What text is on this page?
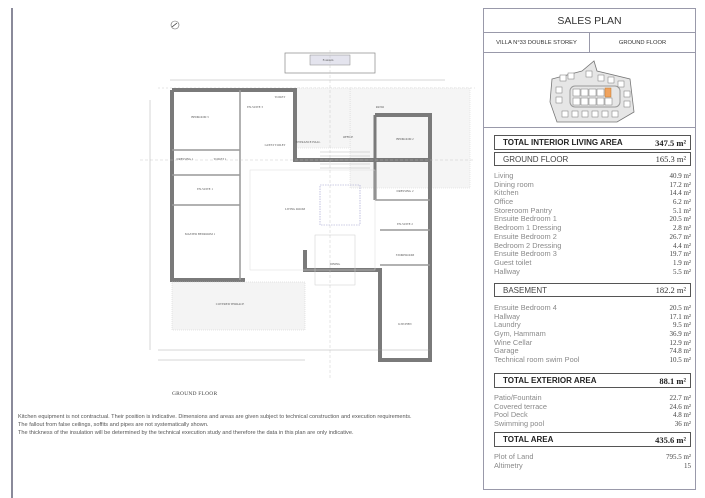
Fountain
PATIO
BEDROOM 3
EN-SUITE 3
TOILET
GUEST TOILET
ENTRANCE HALL
OFFICE	BEDROOM 2
DRESSING 1	TOILET 1
EN-SUITE 1
MASTER BEDROOM 1
LIVING ROOM
DRESSING 2
EN-SUITE 2
DINING
STOREROOM
KITCHEN
COVERED TERRACE
GROUND FLOOR
Kitchen equipment is not contractual. Their position is indicative. Dimensions and areas are given subject to technical construction and execution requirements.
The fallout from false ceilings, soffits and pipes are not systematically shown.
The thickness of the insulation will be determined by the technical execution study and therefore the data in this plan are only indicative.
SALES PLAN
VILLA N°33 DOUBLE STOREY	GROUND FLOOR
TOTAL INTERIOR LIVING AREA	347.5 m²
GROUND FLOOR	165.3 m²
Living	40.9 m²
Dining room	17.2 m²
Kitchen	14.4 m²
Office	6.2 m²
Storeroom Pantry	5.1 m²
Ensuite Bedroom 1	20.5 m²
Bedroom 1 Dressing	2.8 m²
Ensuite Bedroom 2	26.7 m²
Bedroom 2 Dressing	4.4 m²
Ensuite Bedroom 3	19.7 m²
Guest toilet	1.9 m²
Hallway	5.5 m²
BASEMENT	182.2 m²
Ensuite Bedroom 4	20.5 m²
Hallway	17.1 m²
Laundry	9.5 m²
Gym, Hammam	36.9 m²
Wine Cellar	12.9 m²
Garage	74.8 m²
Technical room swim Pool	10.5 m²
TOTAL EXTERIOR AREA	88.1 m²
Patio/Fountain	22.7 m²
Covered terrace	24.6 m²
Pool Deck	4.8 m²
Swimming pool	36 m²
TOTAL AREA	435.6 m²
Plot of Land	795.5 m²
Altimetry	15
